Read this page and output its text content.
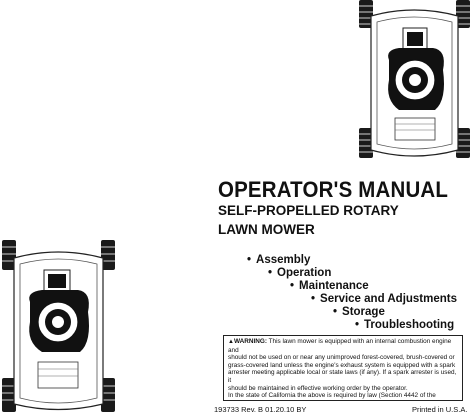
OPERATOR'S MANUAL
SELF-PROPELLED ROTARY
LAWN MOWER
• Assembly
• Operation
• Maintenance
• Service and Adjustments
• Storage
• Troubleshooting
▲WARNING: This lawn mower is equipped with an internal combustion engine and
should not be used on or near any unimproved forest-covered, brush-covered or
grass-covered land unless the engine's exhaust system is equipped with a spark
arrester meeting applicable local or state laws (if any). If a spark arrester is used, it
should be maintained in effective working order by the operator.
In the state of California the above is required by law (Section 4442 of the
193733 Rev. B 01.20.10 BY	Printed in U.S.A.
